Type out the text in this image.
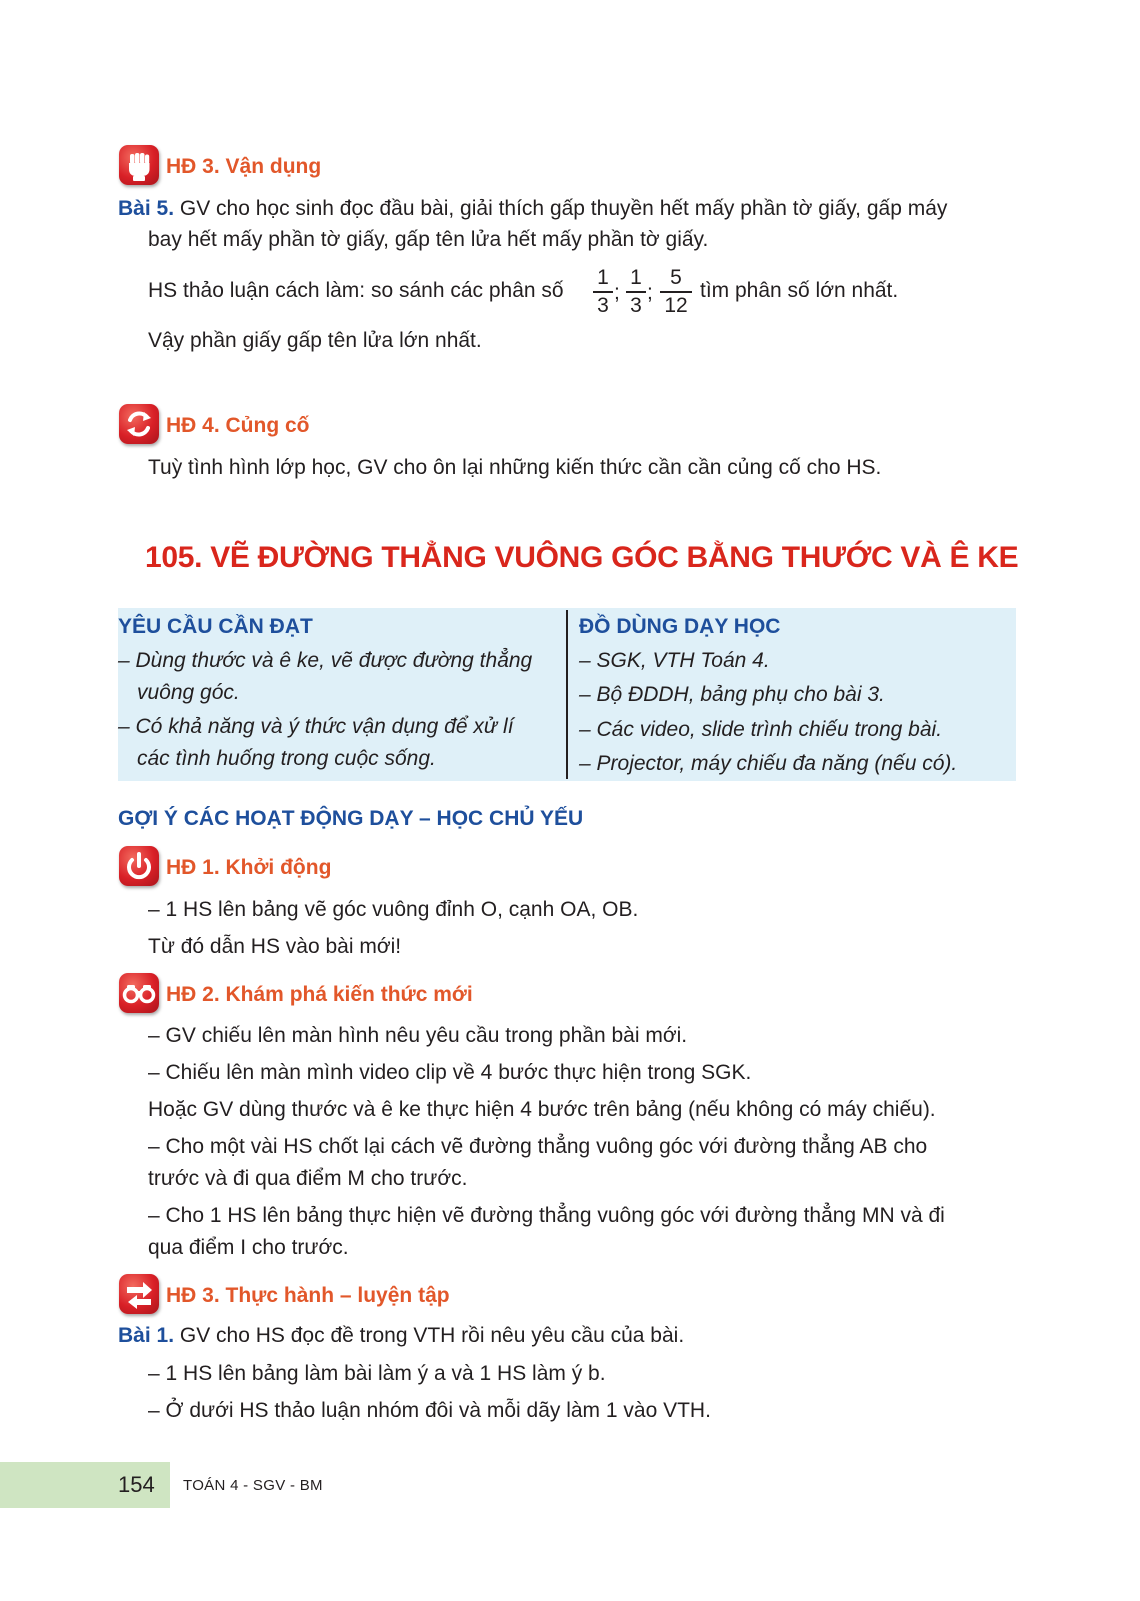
HĐ 3. Vận dụng
Bài 5. GV cho học sinh đọc đầu bài, giải thích gấp thuyền hết mấy phần tờ giấy, gấp máy
bay hết mấy phần tờ giấy, gấp tên lửa hết mấy phần tờ giấy.
HS thảo luận cách làm: so sánh các phân số
1
3
;
1
3
;
5
12
tìm phân số lớn nhất.
Vậy phần giấy gấp tên lửa lớn nhất.
HĐ 4. Củng cố
Tuỳ tình hình lớp học, GV cho ôn lại những kiến thức cần cần củng cố cho HS.
105. VẼ ĐƯỜNG THẲNG VUÔNG GÓC BẰNG THƯỚC VÀ Ê KE
YÊU CẦU CẦN ĐẠT
– Dùng thước và ê ke, vẽ được đường thẳng
vuông góc.
– Có khả năng và ý thức vận dụng để xử lí
các tình huống trong cuộc sống.
ĐỒ DÙNG DẠY HỌC
– SGK, VTH Toán 4.
– Bộ ĐDDH, bảng phụ cho bài 3.
– Các video, slide trình chiếu trong bài.
– Projector, máy chiếu đa năng (nếu có).
GỢI Ý CÁC HOẠT ĐỘNG DẠY – HỌC CHỦ YẾU
HĐ 1. Khởi động
– 1 HS lên bảng vẽ góc vuông đỉnh O, cạnh OA, OB.
Từ đó dẫn HS vào bài mới!
HĐ 2. Khám phá kiến thức mới
– GV chiếu lên màn hình nêu yêu cầu trong phần bài mới.
– Chiếu lên màn mình video clip về 4 bước thực hiện trong SGK.
Hoặc GV dùng thước và ê ke thực hiện 4 bước trên bảng (nếu không có máy chiếu).
– Cho một vài HS chốt lại cách vẽ đường thẳng vuông góc với đường thẳng AB cho
trước và đi qua điểm M cho trước.
– Cho 1 HS lên bảng thực hiện vẽ đường thẳng vuông góc với đường thẳng MN và đi
qua điểm I cho trước.
HĐ 3. Thực hành – luyện tập
Bài 1. GV cho HS đọc đề trong VTH rồi nêu yêu cầu của bài.
– 1 HS lên bảng làm bài làm ý a và 1 HS làm ý b.
– Ở dưới HS thảo luận nhóm đôi và mỗi dãy làm 1 vào VTH.
154 TOÁN 4 - SGV - BM
